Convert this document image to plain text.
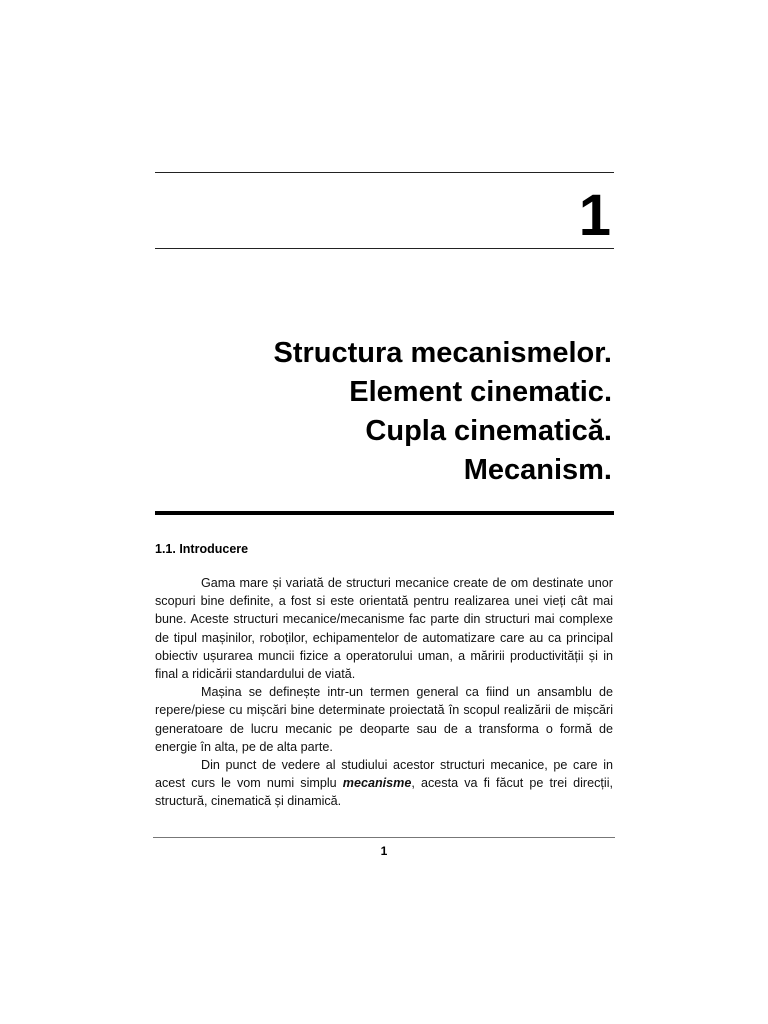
1
Structura mecanismelor.
Element cinematic.
Cupla cinematică.
Mecanism.
1.1. Introducere

Gama mare și variată de structuri mecanice create de om destinate unor scopuri bine definite, a fost si este orientată pentru realizarea unei vieți cât mai bune. Aceste structuri mecanice/mecanisme fac parte din structuri mai complexe de tipul mașinilor, roboților, echipamentelor de automatizare care au ca principal obiectiv ușurarea muncii fizice a operatorului uman, a măririi productivității și in final a ridicării standardului de viată.

Mașina se definește intr-un termen general ca fiind un ansamblu de repere/piese cu mișcări bine determinate proiectată în scopul realizării de mișcări generatoare de lucru mecanic pe deoparte sau de a transforma o formă de energie în alta, pe de alta parte.

Din punct de vedere al studiului acestor structuri mecanice, pe care in acest curs le vom numi simplu mecanisme, acesta va fi făcut pe trei direcții, structură, cinematică și dinamică.

1
